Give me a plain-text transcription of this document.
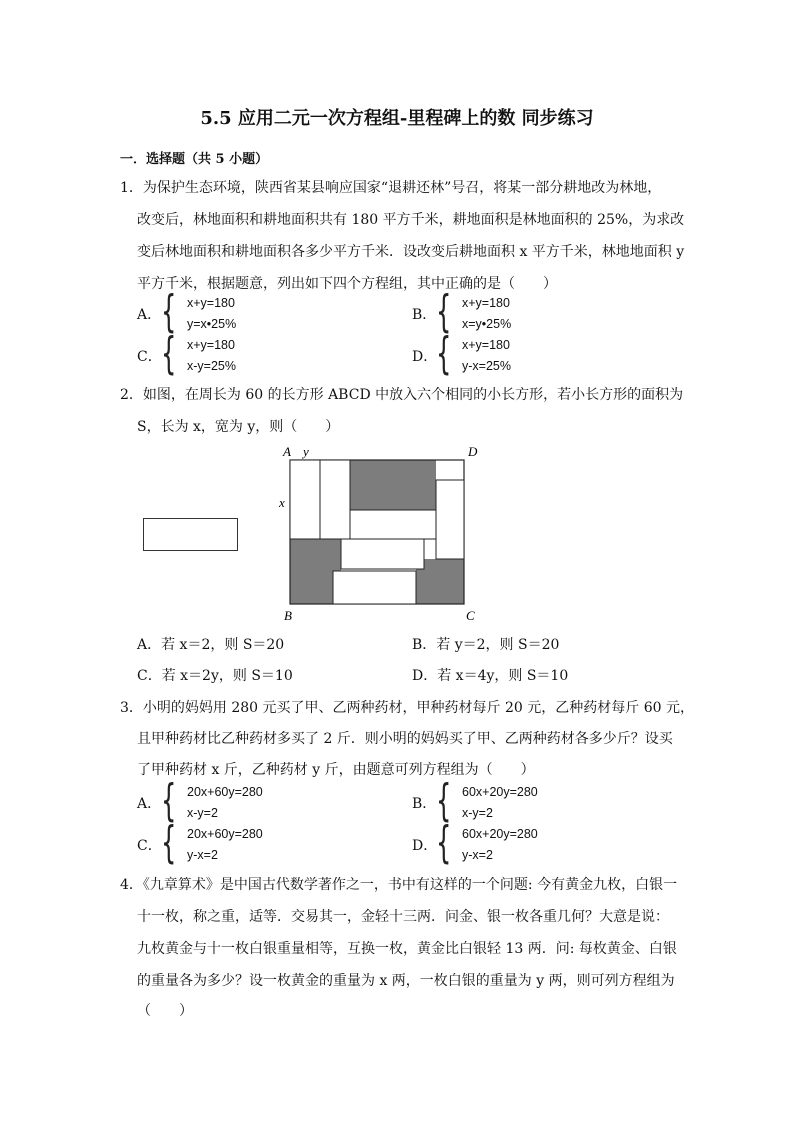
5.5 应用二元一次方程组-里程碑上的数 同步练习
一．选择题（共 5 小题）
1．为保护生态环境，陕西省某县响应国家“退耕还林”号召，将某一部分耕地改为林地，
改变后，林地面积和耕地面积共有 180 平方千米，耕地面积是林地面积的 25%，为求改
变后林地面积和耕地面积各多少平方千米．设改变后耕地面积 x 平方千米，林地地面积 y
平方千米，根据题意，列出如下四个方程组，其中正确的是（　　）
A． { x+y=180
y=x•25%
B． { x+y=180
x=y•25%
C． { x+y=180
x-y=25%
D．
{ x+y=180
y-x=25%
2．如图，在周长为 60 的长方形 ABCD 中放入六个相同的小长方形，若小长方形的面积为
S，长为 x，宽为 y，则（　　）
A y	D
x
B	C
A．若 x＝2，则 S＝20	B．若 y＝2，则 S＝20
C．若 x＝2y，则 S＝10	D．若 x＝4y，则 S＝10
3．小明的妈妈用 280 元买了甲、乙两种药材，甲种药材每斤 20 元，乙种药材每斤 60 元，
且甲种药材比乙种药材多买了 2 斤．则小明的妈妈买了甲、乙两种药材各多少斤？设买
了甲种药材 x 斤，乙种药材 y 斤，由题意可列方程组为（　　）
A． { 20x+60y=280
x-y=2
B． { 60x+20y=280
x-y=2
C． { 20x+60y=280
y-x=2
D．
{ 60x+20y=280
y-x=2
4．《九章算术》是中国古代数学著作之一，书中有这样的一个问题: 今有黄金九枚，白银一
十一枚，称之重，适等．交易其一，金轻十三两．问金、银一枚各重几何？大意是说：
九枚黄金与十一枚白银重量相等，互换一枚，黄金比白银轻 13 两．问: 每枚黄金、白银
的重量各为多少？设一枚黄金的重量为 x 两，一枚白银的重量为 y 两，则可列方程组为
（　　）
